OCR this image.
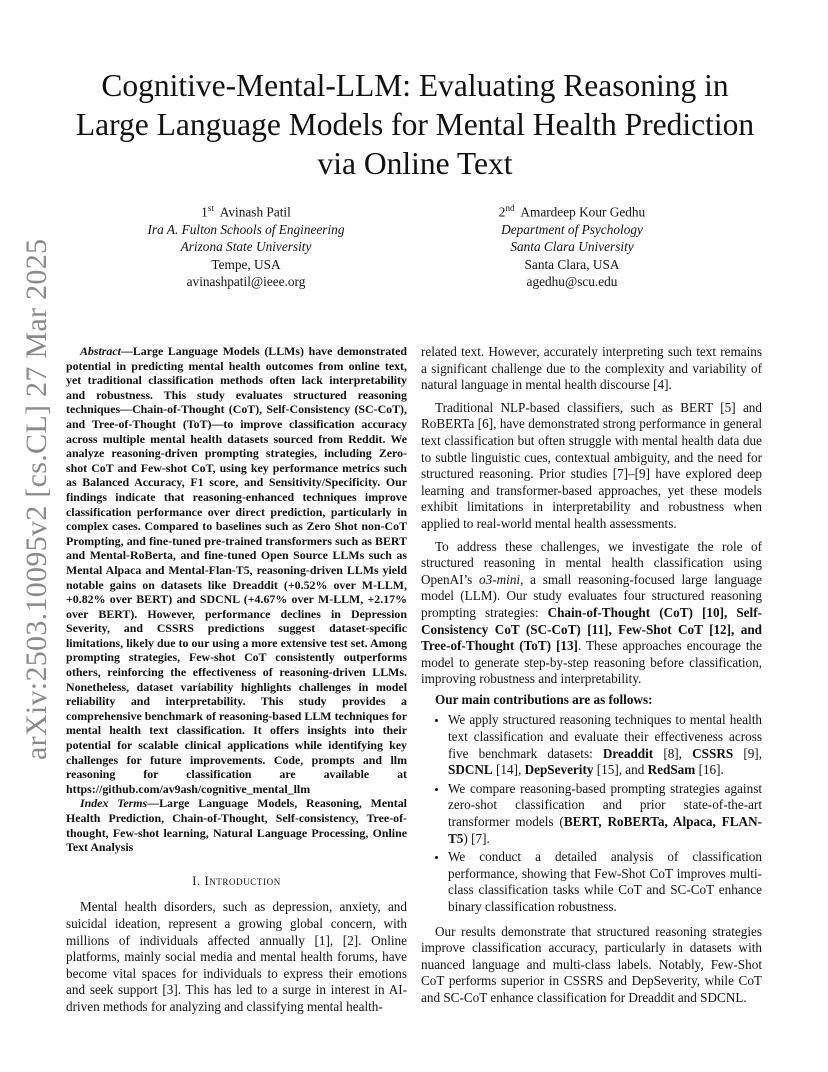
arXiv:2503.10095v2 [cs.CL] 27 Mar 2025
Cognitive-Mental-LLM: Evaluating Reasoning in Large Language Models for Mental Health Prediction via Online Text
1st Avinash Patil
Ira A. Fulton Schools of Engineering
Arizona State University
Tempe, USA
avinashpatil@ieee.org
2nd Amardeep Kour Gedhu
Department of Psychology
Santa Clara University
Santa Clara, USA
agedhu@scu.edu

Abstract—Large Language Models (LLMs) have demonstrated potential in predicting mental health outcomes from online text, yet traditional classification methods often lack interpretability and robustness. This study evaluates structured reasoning techniques—Chain-of-Thought (CoT), Self-Consistency (SC-CoT), and Tree-of-Thought (ToT)—to improve classification accuracy across multiple mental health datasets sourced from Reddit. We analyze reasoning-driven prompting strategies, including Zero-shot CoT and Few-shot CoT, using key performance metrics such as Balanced Accuracy, F1 score, and Sensitivity/Specificity. Our findings indicate that reasoning-enhanced techniques improve classification performance over direct prediction, particularly in complex cases. Compared to baselines such as Zero Shot non-CoT Prompting, and fine-tuned pre-trained transformers such as BERT and Mental-RoBerta, and fine-tuned Open Source LLMs such as Mental Alpaca and Mental-Flan-T5, reasoning-driven LLMs yield notable gains on datasets like Dreaddit (+0.52% over M-LLM, +0.82% over BERT) and SDCNL (+4.67% over M-LLM, +2.17% over BERT). However, performance declines in Depression Severity, and CSSRS predictions suggest dataset-specific limitations, likely due to our using a more extensive test set. Among prompting strategies, Few-shot CoT consistently outperforms others, reinforcing the effectiveness of reasoning-driven LLMs. Nonetheless, dataset variability highlights challenges in model reliability and interpretability. This study provides a comprehensive benchmark of reasoning-based LLM techniques for mental health text classification. It offers insights into their potential for scalable clinical applications while identifying key challenges for future improvements. Code, prompts and llm reasoning for classification are available at https://github.com/av9ash/cognitive_mental_llm

Index Terms—Large Language Models, Reasoning, Mental Health Prediction, Chain-of-Thought, Self-consistency, Tree-of-thought, Few-shot learning, Natural Language Processing, Online Text Analysis

I. Introduction

Mental health disorders, such as depression, anxiety, and suicidal ideation, represent a growing global concern, with millions of individuals affected annually [1], [2]. Online platforms, mainly social media and mental health forums, have become vital spaces for individuals to express their emotions and seek support [3]. This has led to a surge in interest in AI-driven methods for analyzing and classifying mental health-

related text. However, accurately interpreting such text remains a significant challenge due to the complexity and variability of natural language in mental health discourse [4].

Traditional NLP-based classifiers, such as BERT [5] and RoBERTa [6], have demonstrated strong performance in general text classification but often struggle with mental health data due to subtle linguistic cues, contextual ambiguity, and the need for structured reasoning. Prior studies [7]–[9] have explored deep learning and transformer-based approaches, yet these models exhibit limitations in interpretability and robustness when applied to real-world mental health assessments.

To address these challenges, we investigate the role of structured reasoning in mental health classification using OpenAI’s o3-mini, a small reasoning-focused large language model (LLM). Our study evaluates four structured reasoning prompting strategies: Chain-of-Thought (CoT) [10], Self-Consistency CoT (SC-CoT) [11], Few-Shot CoT [12], and Tree-of-Thought (ToT) [13]. These approaches encourage the model to generate step-by-step reasoning before classification, improving robustness and interpretability.

Our main contributions are as follows:
• We apply structured reasoning techniques to mental health text classification and evaluate their effectiveness across five benchmark datasets: Dreaddit [8], CSSRS [9], SDCNL [14], DepSeverity [15], and RedSam [16].
• We compare reasoning-based prompting strategies against zero-shot classification and prior state-of-the-art transformer models (BERT, RoBERTa, Alpaca, FLAN-T5) [7].
• We conduct a detailed analysis of classification performance, showing that Few-Shot CoT improves multi-class classification tasks while CoT and SC-CoT enhance binary classification robustness.

Our results demonstrate that structured reasoning strategies improve classification accuracy, particularly in datasets with nuanced language and multi-class labels. Notably, Few-Shot CoT performs superior in CSSRS and DepSeverity, while CoT and SC-CoT enhance classification for Dreaddit and SDCNL.
